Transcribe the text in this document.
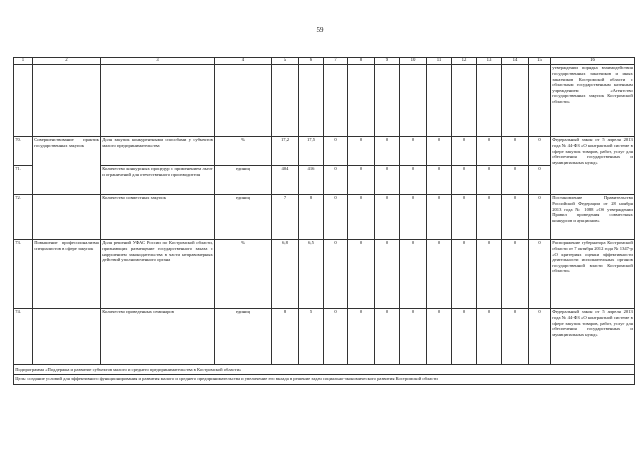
59
1	2	3	4	5	6	7	8	9	10	11	12	13	14	15	16
															утверждении порядка взаимодействия государственных заказчиков и иных заказчиков Костромской области с областным государственным казенным учреждением «Агентство государственных закупок Костромской области»
70.	Совершенствование практик государственных закупок	Доля закупок конкурентными способами у субъектов малого предпринимательства	%	17,2	17,5	0	0	0	0	0	0	0	0	0	Федеральный закон от 5 апреля 2013 года № 44-ФЗ «О контрактной системе в сфере закупок товаров, работ, услуг для обеспечения государственных и муниципальных нужд»
71.		Количество конкурсных процедур с применением льгот и ограничений для отечественного производителя	единиц	404	416	0	0	0	0	0	0	0	0	0	
72.		Количество совместных закупок	единиц	7	8	0	0	0	0	0	0	0	0	0	Постановление Правительства Российской Федерации от 28 ноября 2013 года № 1088 «Об утверждении Правил проведения совместных конкурсов и аукционов»
73.	Повышение профессионализма специалистов в сфере закупок	Доля решений УФАС России по Костромской области, признающих размещение государственного заказа с нарушением законодательства в части неправомерных действий уполномоченного органа	%	6,8	6,5	0	0	0	0	0	0	0	0	0	Распоряжение губернатора Костромской области от 7 октября 2012 года № 1347-р «О критериях оценки эффективности деятельности исполнительных органов государственной власти Костромской области»
74.		Количество проведенных семинаров	единиц	8	5	0	0	0	0	0	0	0	0	0	Федеральный закон от 5 апреля 2013 года № 44-ФЗ «О контрактной системе в сфере закупок товаров, работ, услуг для обеспечения государственных и муниципальных нужд»
Подпрограмма «Поддержка и развитие субъектов малого и среднего предпринимательства в Костромской области»															
Цель: создание условий для эффективного функционирования и развития малого и среднего предпринимательства и увеличение его вклада в решение задач социально-экономического развития Костромской области															
